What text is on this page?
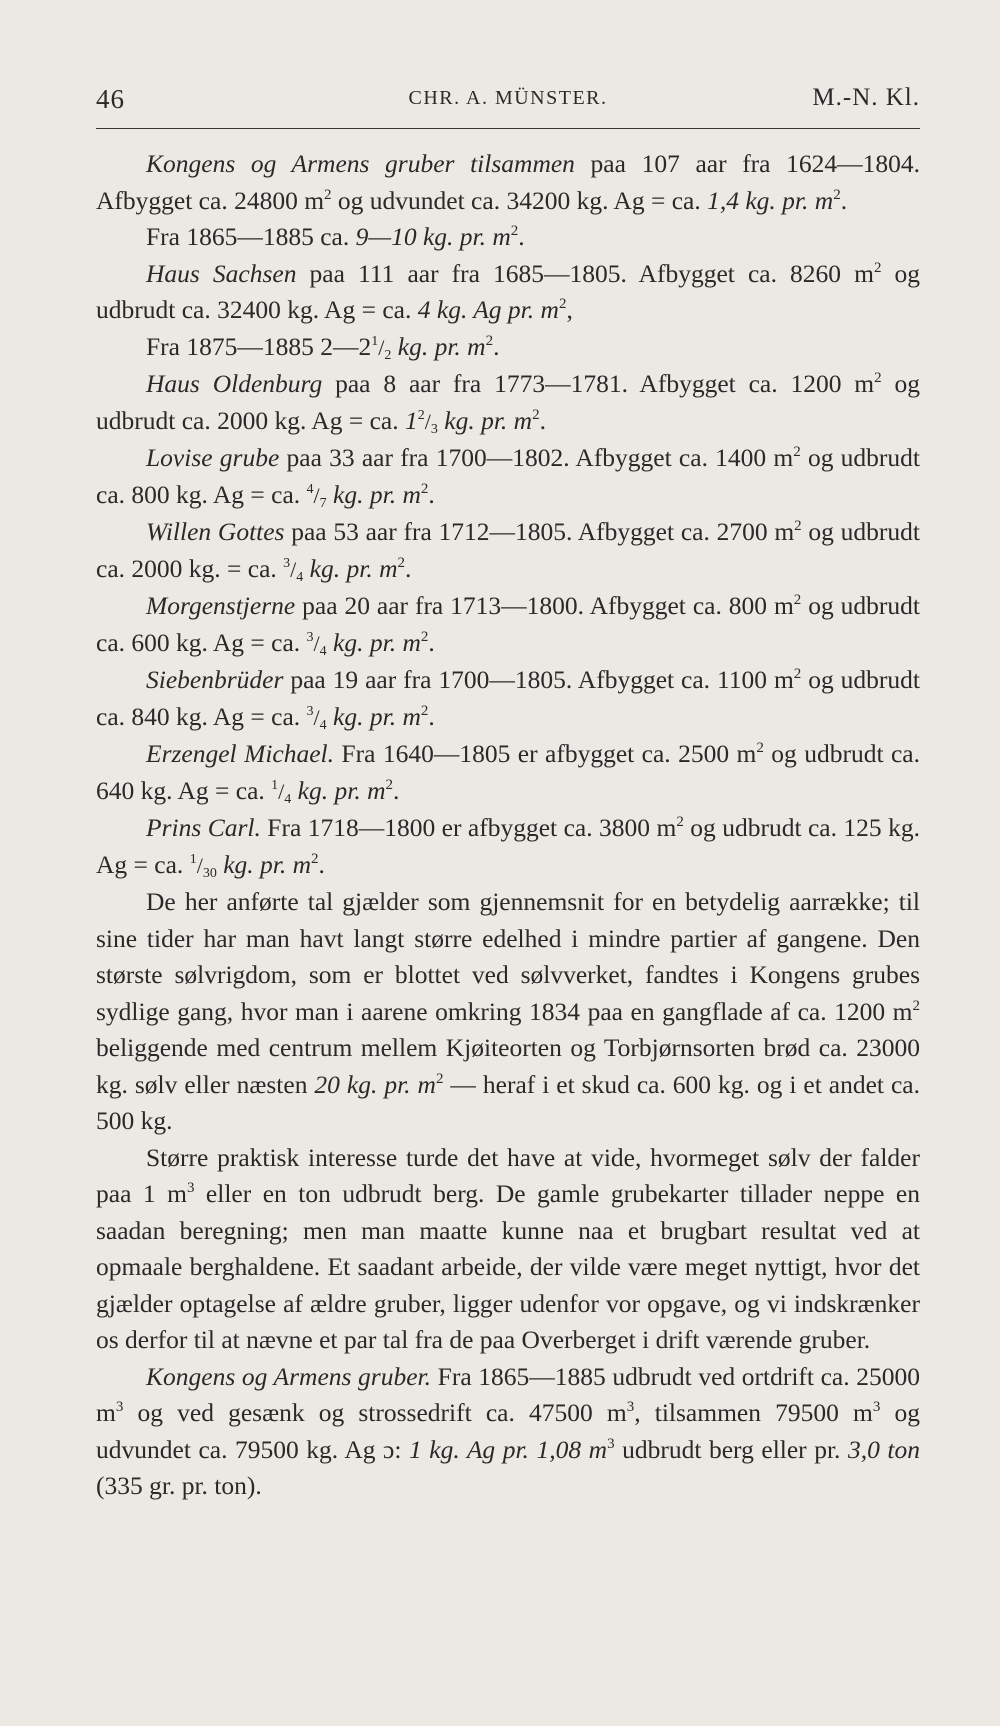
46	CHR. A. MÜNSTER.	M.-N. Kl.

Kongens og Armens gruber tilsammen paa 107 aar fra 1624—1804. Afbygget ca. 24800 $m^2$ og udvundet ca. 34200 kg. Ag = ca. 1,4 kg. pr. $m^2$.

Fra 1865—1885 ca. 9—10 kg. pr. $m^2$.

Haus Sachsen paa 111 aar fra 1685—1805. Afbygget ca. 8260 $m^2$ og udbrudt ca. 32400 kg. Ag = ca. 4 kg. Ag pr. $m^2$,

Fra 1875—1885 $2—2^1/_2$ kg. pr. $m^2$.

Haus Oldenburg paa 8 aar fra 1773—1781. Afbygget ca. 1200 $m^2$ og udbrudt ca. 2000 kg. Ag = ca. $1^2/_3$ kg. pr. $m^2$.

Lovise grube paa 33 aar fra 1700—1802. Afbygget ca. 1400 $m^2$ og udbrudt ca. 800 kg. Ag = ca. $^4/_7$ kg. pr. $m^2$.

Willen Gottes paa 53 aar fra 1712—1805. Afbygget ca. 2700 $m^2$ og udbrudt ca. 2000 kg. = ca. $^3/_4$ kg. pr. $m^2$.

Morgenstjerne paa 20 aar fra 1713—1800. Afbygget ca. 800 $m^2$ og udbrudt ca. 600 kg. Ag = ca. $^3/_4$ kg. pr. $m^2$.

Siebenbrüder paa 19 aar fra 1700—1805. Afbygget ca. 1100 $m^2$ og udbrudt ca. 840 kg. Ag = ca. $^3/_4$ kg. pr. $m^2$.

Erzengel Michael. Fra 1640—1805 er afbygget ca. 2500 $m^2$ og udbrudt ca. 640 kg. Ag = ca. $^1/_4$ kg. pr. $m^2$.

Prins Carl. Fra 1718—1800 er afbygget ca. 3800 $m^2$ og udbrudt ca. 125 kg. Ag = ca. $^1/_{30}$ kg. pr. $m^2$.

De her anførte tal gjælder som gjennemsnit for en betydelig aarrække; til sine tider har man havt langt større edelhed i mindre partier af gangene. Den største sølvrigdom, som er blottet ved sølvverket, fandtes i Kongens grubes sydlige gang, hvor man i aarene omkring 1834 paa en gangflade af ca. 1200 $m^2$ beliggende med centrum mellem Kjøiteorten og Torbjørnsorten brød ca. 23000 kg. sølv eller næsten 20 kg. pr. $m^2$ — heraf i et skud ca. 600 kg. og i et andet ca. 500 kg.

Større praktisk interesse turde det have at vide, hvormeget sølv der falder paa 1 $m^3$ eller en ton udbrudt berg. De gamle grubekarter tillader neppe en saadan beregning; men man maatte kunne naa et brugbart resultat ved at opmaale berghaldene. Et saadant arbeide, der vilde være meget nyttigt, hvor det gjælder optagelse af ældre gruber, ligger udenfor vor opgave, og vi indskrænker os derfor til at nævne et par tal fra de paa Overberget i drift værende gruber.

Kongens og Armens gruber. Fra 1865—1885 udbrudt ved ortdrift ca. 25000 $m^3$ og ved gesænk og strossedrift ca. 47500 $m^3$, tilsammen 79500 $m^3$ og udvundet ca. 79500 kg. Ag ɔ: 1 kg. Ag pr. 1,08 $m^3$ udbrudt berg eller pr. 3,0 ton (335 gr. pr. ton).
